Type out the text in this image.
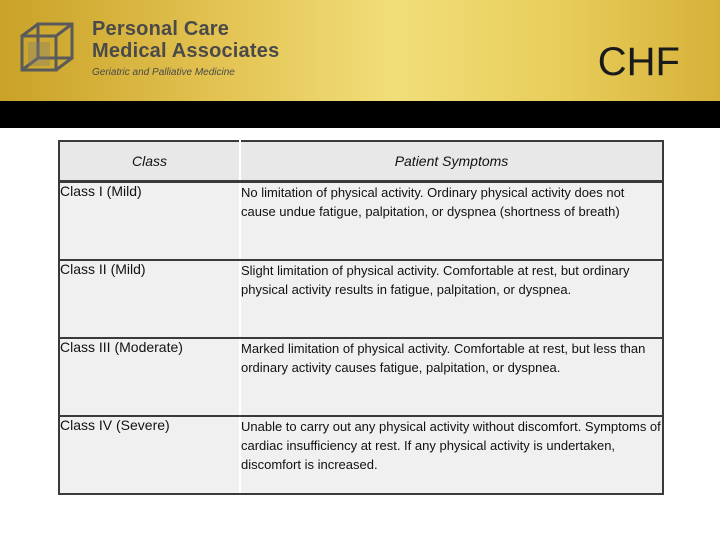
Personal Care
Medical Associates
Geriatric and Palliative Medicine	CHF
Class	Patient Symptoms
Class I (Mild)	No limitation of physical activity. Ordinary physical activity does not cause undue fatigue, palpitation, or dyspnea (shortness of breath)
Class II (Mild)	Slight limitation of physical activity. Comfortable at rest, but ordinary physical activity results in fatigue, palpitation, or dyspnea.
Class III (Moderate)	Marked limitation of physical activity. Comfortable at rest, but less than ordinary activity causes fatigue, palpitation, or dyspnea.
Class IV (Severe)	Unable to carry out any physical activity without discomfort. Symptoms of cardiac insufficiency at rest. If any physical activity is undertaken, discomfort is increased.
